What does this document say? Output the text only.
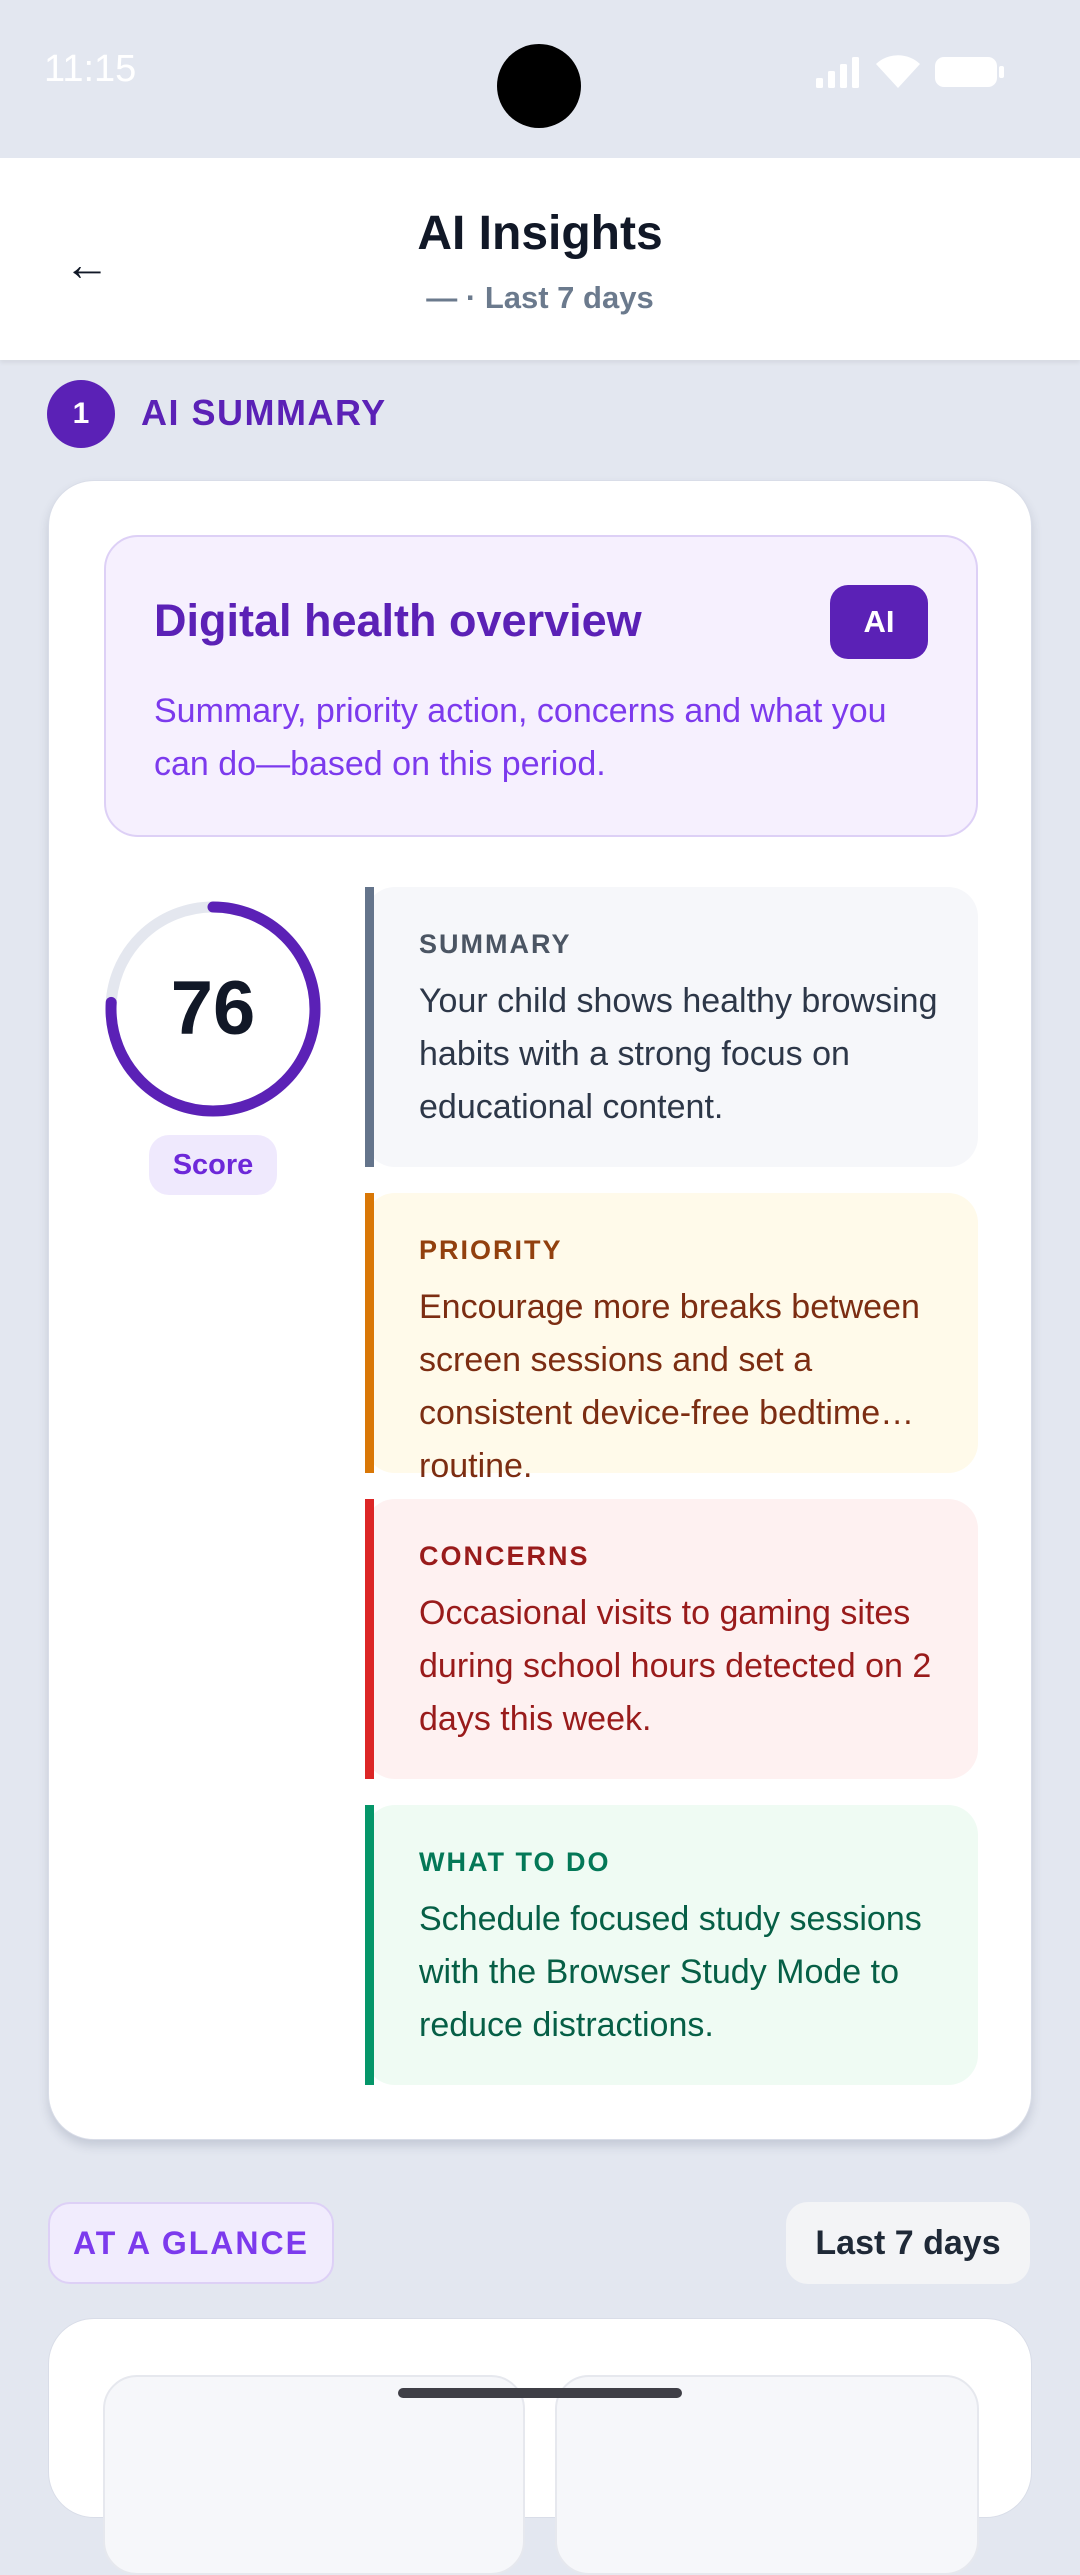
11:15
←
AI Insights
— · Last 7 days
1	AI SUMMARY
Digital health overview	AI
Summary, priority action, concerns and what you can do—based on this period.
76
Score
SUMMARY
Your child shows healthy browsing habits with a strong focus on educational content.
PRIORITY
Encourage more breaks between screen sessions and set a consistent device-free bedtime routine.
CONCERNS
Occasional visits to gaming sites during school hours detected on 2 days this week.
WHAT TO DO
Schedule focused study sessions with the Browser Study Mode to reduce distractions.
AT A GLANCE	Last 7 days
